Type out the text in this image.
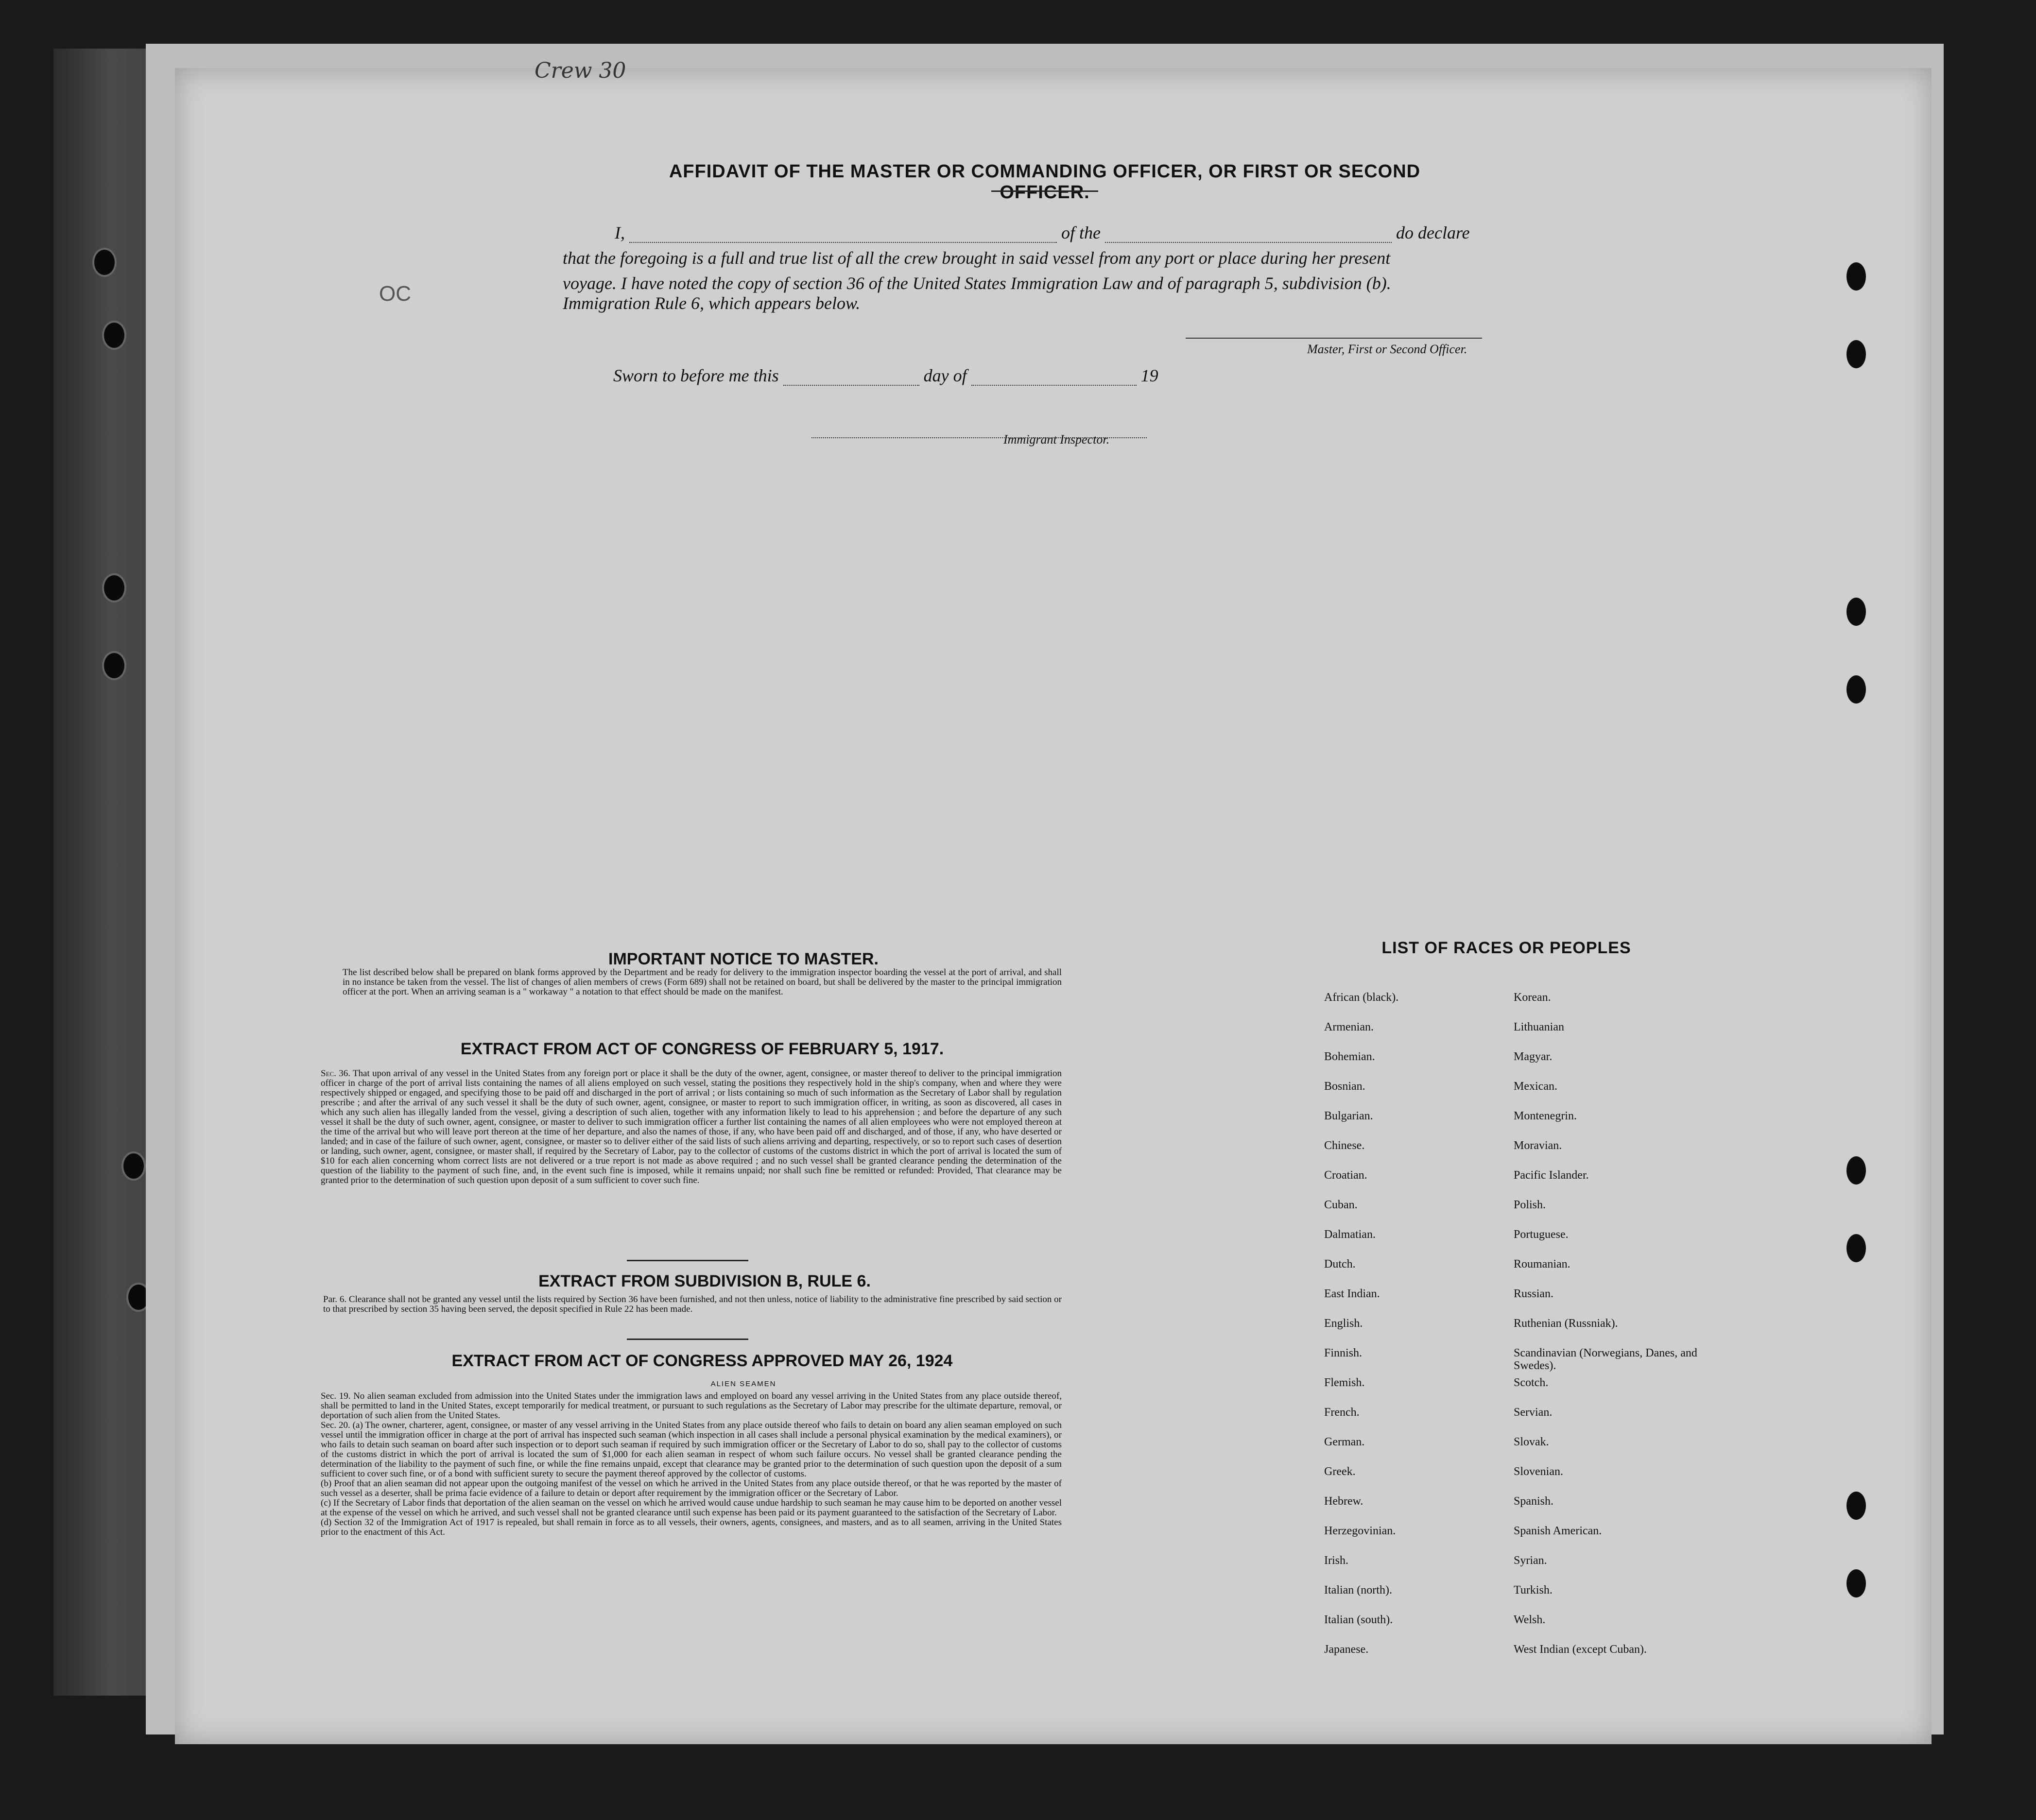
Crew 30
AFFIDAVIT OF THE MASTER OR COMMANDING OFFICER, OR FIRST OR SECOND OFFICER.
I,	of the	do declare
that the foregoing is a full and true list of all the crew brought in said vessel from any port or place during her present
voyage. I have noted the copy of section 36 of the United States Immigration Law and of paragraph 5, subdivision (b).
Immigration Rule 6, which appears below.
Master, First or Second Officer.
Sworn to before me this	day of	19
Immigrant Inspector.
OC
IMPORTANT NOTICE TO MASTER.
The list described below shall be prepared on blank forms approved by the Department and be ready for delivery to the immigration inspector boarding the vessel at the port of arrival, and shall in no instance be taken from the vessel. The list of changes of alien members of crews (Form 689) shall not be retained on board, but shall be delivered by the master to the principal immigration officer at the port. When an arriving seaman is a " workaway " a notation to that effect should be made on the manifest.
EXTRACT FROM ACT OF CONGRESS OF FEBRUARY 5, 1917.
Sec. 36. That upon arrival of any vessel in the United States from any foreign port or place it shall be the duty of the owner, agent, consignee, or master thereof to deliver to the principal immigration officer in charge of the port of arrival lists containing the names of all aliens employed on such vessel, stating the positions they respectively hold in the ship's company, when and where they were respectively shipped or engaged, and specifying those to be paid off and discharged in the port of arrival ; or lists containing so much of such information as the Secretary of Labor shall by regulation prescribe ; and after the arrival of any such vessel it shall be the duty of such owner, agent, consignee, or master to report to such immigration officer, in writing, as soon as discovered, all cases in which any such alien has illegally landed from the vessel, giving a description of such alien, together with any information likely to lead to his apprehension ; and before the departure of any such vessel it shall be the duty of such owner, agent, consignee, or master to deliver to such immigration officer a further list containing the names of all alien employees who were not employed thereon at the time of the arrival but who will leave port thereon at the time of her departure, and also the names of those, if any, who have been paid off and discharged, and of those, if any, who have deserted or landed; and in case of the failure of such owner, agent, consignee, or master so to deliver either of the said lists of such aliens arriving and departing, respectively, or so to report such cases of desertion or landing, such owner, agent, consignee, or master shall, if required by the Secretary of Labor, pay to the collector of customs of the customs district in which the port of arrival is located the sum of $10 for each alien concerning whom correct lists are not delivered or a true report is not made as above required ; and no such vessel shall be granted clearance pending the determination of the question of the liability to the payment of such fine, and, in the event such fine is imposed, while it remains unpaid; nor shall such fine be remitted or refunded: Provided, That clearance may be granted prior to the determination of such question upon deposit of a sum sufficient to cover such fine.
EXTRACT FROM SUBDIVISION B, RULE 6.
Par. 6. Clearance shall not be granted any vessel until the lists required by Section 36 have been furnished, and not then unless, notice of liability to the administrative fine prescribed by said section or to that prescribed by section 35 having been served, the deposit specified in Rule 22 has been made.
EXTRACT FROM ACT OF CONGRESS APPROVED MAY 26, 1924
ALIEN SEAMEN
Sec. 19. No alien seaman excluded from admission into the United States under the immigration laws and employed on board any vessel arriving in the United States from any place outside thereof, shall be permitted to land in the United States, except temporarily for medical treatment, or pursuant to such regulations as the Secretary of Labor may prescribe for the ultimate departure, removal, or deportation of such alien from the United States.
Sec. 20. (a) The owner, charterer, agent, consignee, or master of any vessel arriving in the United States from any place outside thereof who fails to detain on board any alien seaman employed on such vessel until the immigration officer in charge at the port of arrival has inspected such seaman (which inspection in all cases shall include a personal physical examination by the medical examiners), or who fails to detain such seaman on board after such inspection or to deport such seaman if required by such immigration officer or the Secretary of Labor to do so, shall pay to the collector of customs of the customs district in which the port of arrival is located the sum of $1,000 for each alien seaman in respect of whom such failure occurs. No vessel shall be granted clearance pending the determination of the liability to the payment of such fine, or while the fine remains unpaid, except that clearance may be granted prior to the determination of such question upon the deposit of a sum sufficient to cover such fine, or of a bond with sufficient surety to secure the payment thereof approved by the collector of customs.
(b) Proof that an alien seaman did not appear upon the outgoing manifest of the vessel on which he arrived in the United States from any place outside thereof, or that he was reported by the master of such vessel as a deserter, shall be prima facie evidence of a failure to detain or deport after requirement by the immigration officer or the Secretary of Labor.
(c) If the Secretary of Labor finds that deportation of the alien seaman on the vessel on which he arrived would cause undue hardship to such seaman he may cause him to be deported on another vessel at the expense of the vessel on which he arrived, and such vessel shall not be granted clearance until such expense has been paid or its payment guaranteed to the satisfaction of the Secretary of Labor.
(d) Section 32 of the Immigration Act of 1917 is repealed, but shall remain in force as to all vessels, their owners, agents, consignees, and masters, and as to all seamen, arriving in the United States prior to the enactment of this Act.
LIST OF RACES OR PEOPLES
African (black).
Armenian.
Bohemian.
Bosnian.
Bulgarian.
Chinese.
Croatian.
Cuban.
Dalmatian.
Dutch.
East Indian.
English.
Finnish.
Flemish.
French.
German.
Greek.
Hebrew.
Herzegovinian.
Irish.
Italian (north).
Italian (south).
Japanese.
Korean.
Lithuanian
Magyar.
Mexican.
Montenegrin.
Moravian.
Pacific Islander.
Polish.
Portuguese.
Roumanian.
Russian.
Ruthenian (Russniak).
Scandinavian (Norwegians, Danes, and Swedes).
Scotch.
Servian.
Slovak.
Slovenian.
Spanish.
Spanish American.
Syrian.
Turkish.
Welsh.
West Indian (except Cuban).
